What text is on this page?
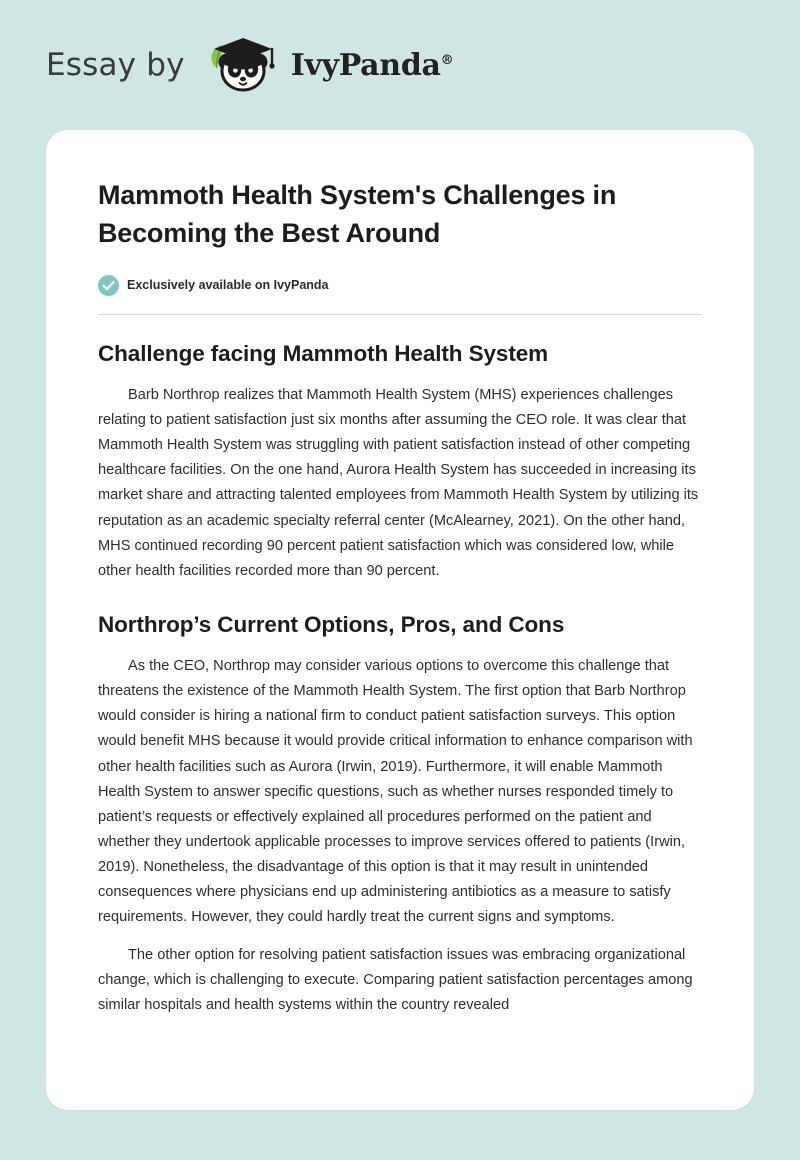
Essay by	IvyPanda®
Mammoth Health System's Challenges in Becoming the Best Around
Exclusively available on IvyPanda
Challenge facing Mammoth Health System

Barb Northrop realizes that Mammoth Health System (MHS) experiences challenges relating to patient satisfaction just six months after assuming the CEO role. It was clear that Mammoth Health System was struggling with patient satisfaction instead of other competing healthcare facilities. On the one hand, Aurora Health System has succeeded in increasing its market share and attracting talented employees from Mammoth Health System by utilizing its reputation as an academic specialty referral center (McAlearney, 2021). On the other hand, MHS continued recording 90 percent patient satisfaction which was considered low, while other health facilities recorded more than 90 percent.

Northrop’s Current Options, Pros, and Cons

As the CEO, Northrop may consider various options to overcome this challenge that threatens the existence of the Mammoth Health System. The first option that Barb Northrop would consider is hiring a national firm to conduct patient satisfaction surveys. This option would benefit MHS because it would provide critical information to enhance comparison with other health facilities such as Aurora (Irwin, 2019). Furthermore, it will enable Mammoth Health System to answer specific questions, such as whether nurses responded timely to patient’s requests or effectively explained all procedures performed on the patient and whether they undertook applicable processes to improve services offered to patients (Irwin, 2019). Nonetheless, the disadvantage of this option is that it may result in unintended consequences where physicians end up administering antibiotics as a measure to satisfy requirements. However, they could hardly treat the current signs and symptoms.

The other option for resolving patient satisfaction issues was embracing organizational change, which is challenging to execute. Comparing patient satisfaction percentages among similar hospitals and health systems within the country revealed
